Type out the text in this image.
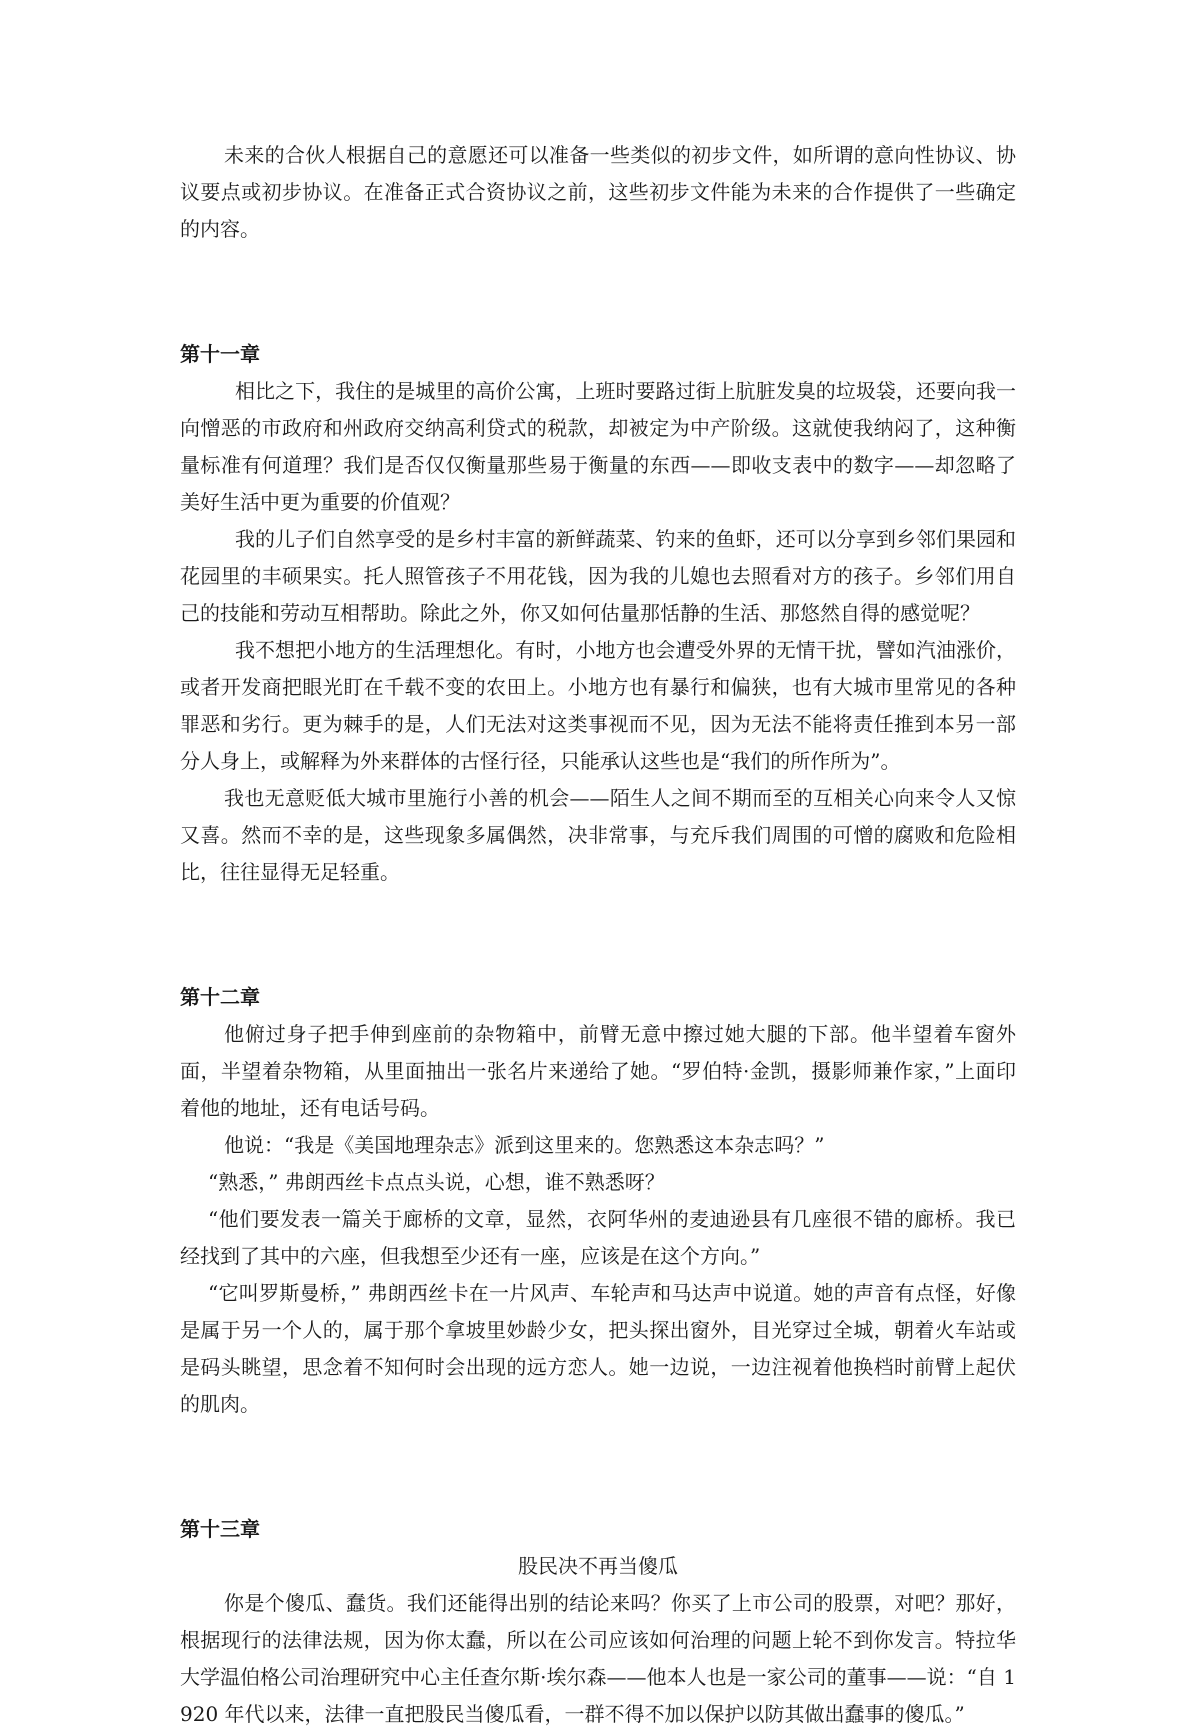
未来的合伙人根据自己的意愿还可以准备一些类似的初步文件，如所谓的意向性协议、协议要点或初步协议。在准备正式合资协议之前，这些初步文件能为未来的合作提供了一些确定的内容。

第十一章

相比之下，我住的是城里的高价公寓，上班时要路过街上肮脏发臭的垃圾袋，还要向我一向憎恶的市政府和州政府交纳高利贷式的税款，却被定为中产阶级。这就使我纳闷了，这种衡量标准有何道理？我们是否仅仅衡量那些易于衡量的东西——即收支表中的数字——却忽略了美好生活中更为重要的价值观？

我的儿子们自然享受的是乡村丰富的新鲜蔬菜、钓来的鱼虾，还可以分享到乡邻们果园和花园里的丰硕果实。托人照管孩子不用花钱，因为我的儿媳也去照看对方的孩子。乡邻们用自己的技能和劳动互相帮助。除此之外，你又如何估量那恬静的生活、那悠然自得的感觉呢？

我不想把小地方的生活理想化。有时，小地方也会遭受外界的无情干扰，譬如汽油涨价，或者开发商把眼光盯在千载不变的农田上。小地方也有暴行和偏狭，也有大城市里常见的各种罪恶和劣行。更为棘手的是，人们无法对这类事视而不见，因为无法不能将责任推到本另一部分人身上，或解释为外来群体的古怪行径，只能承认这些也是“我们的所作所为”。

我也无意贬低大城市里施行小善的机会——陌生人之间不期而至的互相关心向来令人又惊又喜。然而不幸的是，这些现象多属偶然，决非常事，与充斥我们周围的可憎的腐败和危险相比，往往显得无足轻重。

第十二章

他俯过身子把手伸到座前的杂物箱中，前臂无意中擦过她大腿的下部。他半望着车窗外面，半望着杂物箱，从里面抽出一张名片来递给了她。“罗伯特·金凯，摄影师兼作家，”上面印着他的地址，还有电话号码。

他说：“我是《美国地理杂志》派到这里来的。您熟悉这本杂志吗？”

“熟悉，” 弗朗西丝卡点点头说，心想，谁不熟悉呀？

“他们要发表一篇关于廊桥的文章，显然，衣阿华州的麦迪逊县有几座很不错的廊桥。我已经找到了其中的六座，但我想至少还有一座，应该是在这个方向。”

“它叫罗斯曼桥，” 弗朗西丝卡在一片风声、车轮声和马达声中说道。她的声音有点怪，好像是属于另一个人的，属于那个拿坡里妙龄少女，把头探出窗外，目光穿过全城，朝着火车站或是码头眺望，思念着不知何时会出现的远方恋人。她一边说，一边注视着他换档时前臂上起伏的肌肉。

第十三章

股民决不再当傻瓜

你是个傻瓜、蠢货。我们还能得出别的结论来吗？你买了上市公司的股票，对吧？那好，根据现行的法律法规，因为你太蠢，所以在公司应该如何治理的问题上轮不到你发言。特拉华大学温伯格公司治理研究中心主任查尔斯·埃尔森——他本人也是一家公司的董事——说：“自 1920 年代以来，法律一直把股民当傻瓜看，一群不得不加以保护以防其做出蠢事的傻瓜。”
